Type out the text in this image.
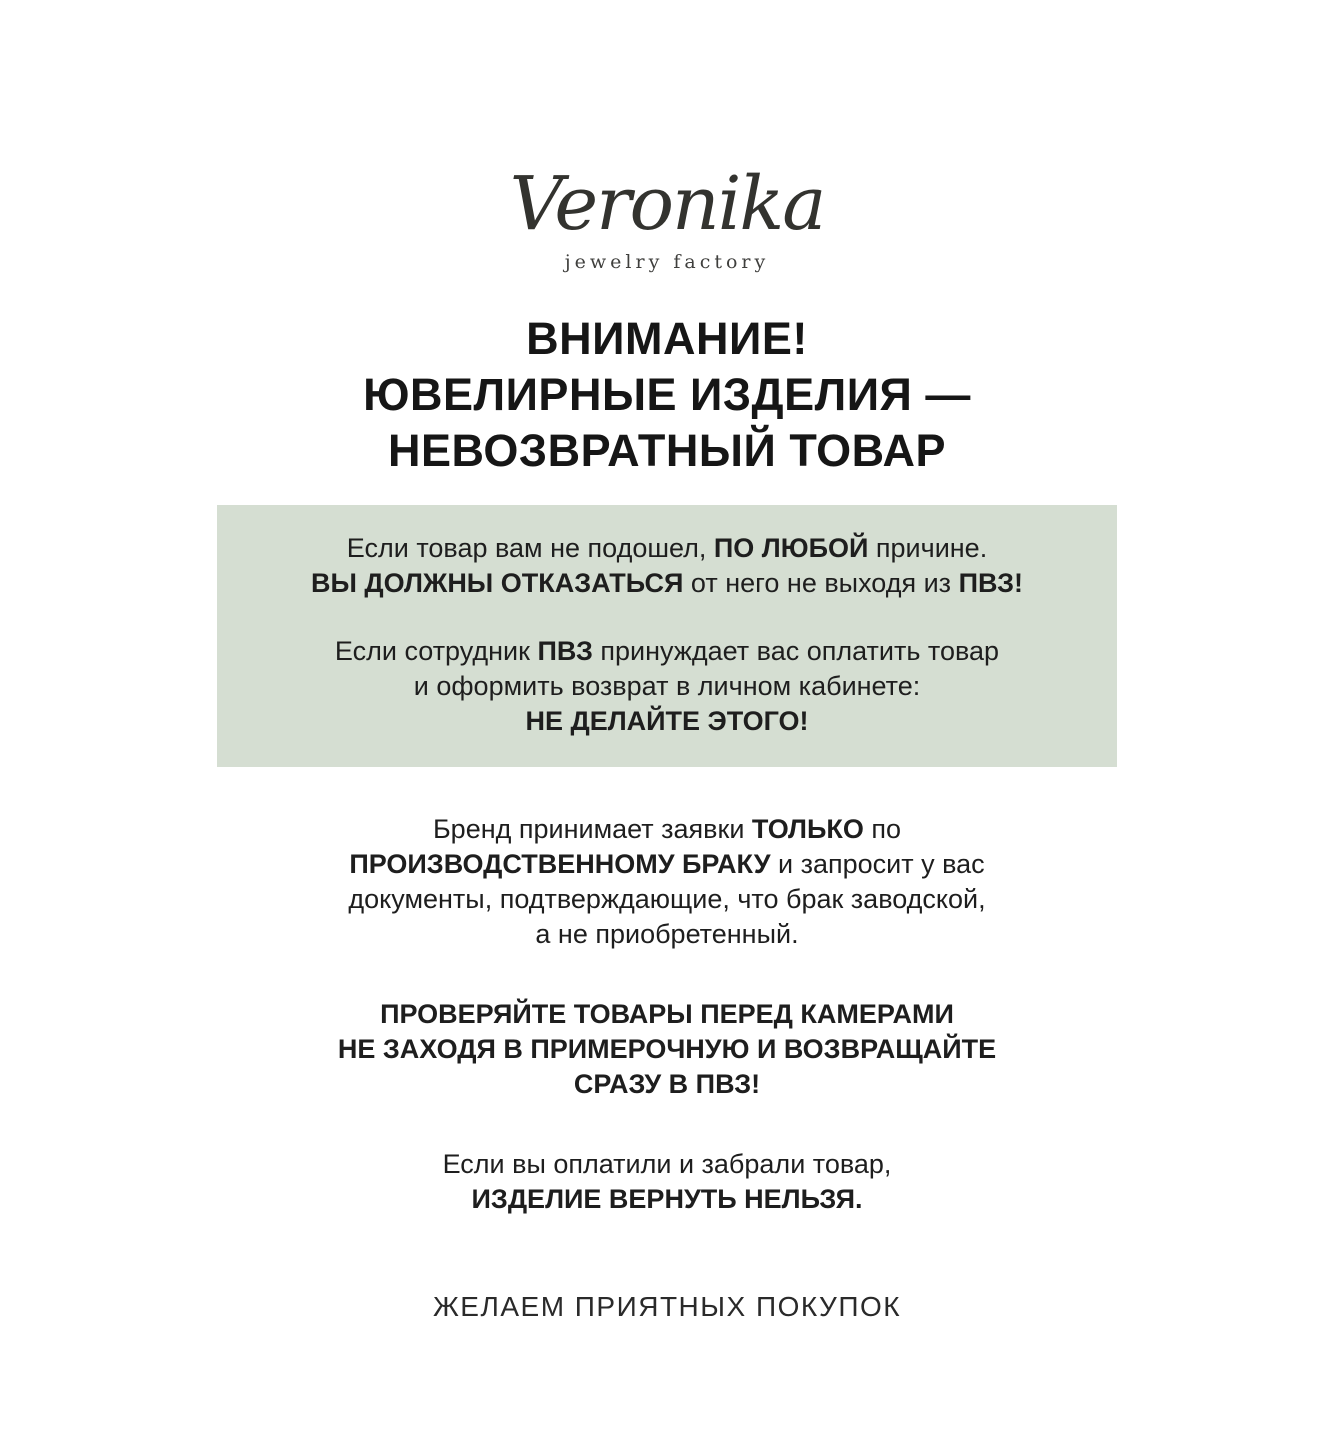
Veronika
jewelry factory
ВНИМАНИЕ!
ЮВЕЛИРНЫЕ ИЗДЕЛИЯ —
НЕВОЗВРАТНЫЙ ТОВАР

Если товар вам не подошел, ПО ЛЮБОЙ причине.
ВЫ ДОЛЖНЫ ОТКАЗАТЬСЯ от него не выходя из ПВЗ!

Если сотрудник ПВЗ принуждает вас оплатить товар
и оформить возврат в личном кабинете:
НЕ ДЕЛАЙТЕ ЭТОГО!

Бренд принимает заявки ТОЛЬКО по
ПРОИЗВОДСТВЕННОМУ БРАКУ и запросит у вас
документы, подтверждающие, что брак заводской,
а не приобретенный.

ПРОВЕРЯЙТЕ ТОВАРЫ ПЕРЕД КАМЕРАМИ
НЕ ЗАХОДЯ В ПРИМЕРОЧНУЮ И ВОЗВРАЩАЙТЕ
СРАЗУ В ПВЗ!

Если вы оплатили и забрали товар,
ИЗДЕЛИЕ ВЕРНУТЬ НЕЛЬЗЯ.

ЖЕЛАЕМ ПРИЯТНЫХ ПОКУПОК
